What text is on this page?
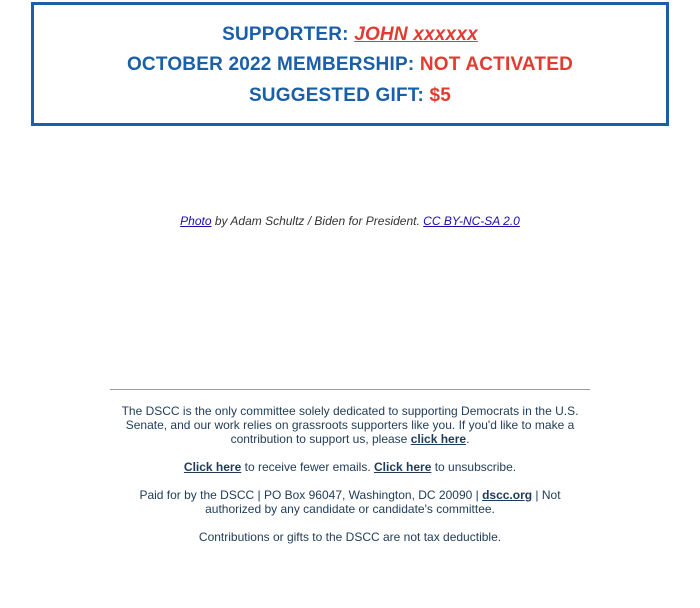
SUPPORTER: JOHN xxxxxx
OCTOBER 2022 MEMBERSHIP: NOT ACTIVATED
SUGGESTED GIFT: $5
Photo by Adam Schultz / Biden for President. CC BY-NC-SA 2.0
The DSCC is the only committee solely dedicated to supporting Democrats in the U.S. Senate, and our work relies on grassroots supporters like you. If you'd like to make a contribution to support us, please click here.
Click here to receive fewer emails. Click here to unsubscribe.
Paid for by the DSCC | PO Box 96047, Washington, DC 20090 | dscc.org | Not authorized by any candidate or candidate's committee.
Contributions or gifts to the DSCC are not tax deductible.
